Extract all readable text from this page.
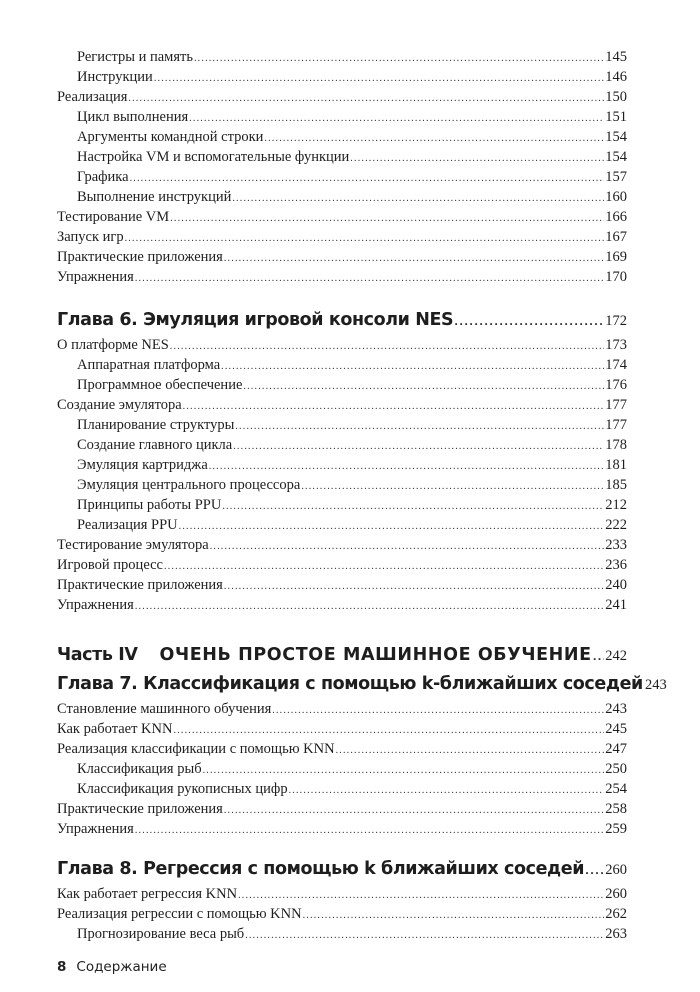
Регистры и память .....	145
Инструкции .....	146
Реализация .....	150
Цикл выполнения .....	151
Аргументы командной строки .....	154
Настройка VM и вспомогательные функции .....	154
Графика .....	157
Выполнение инструкций .....	160
Тестирование VM .....	166
Запуск игр .....	167
Практические приложения .....	169
Упражнения .....	170
Глава 6. Эмуляция игровой консоли NES .....	172
О платформе NES .....	173
Аппаратная платформа .....	174
Программное обеспечение .....	176
Создание эмулятора .....	177
Планирование структуры .....	177
Создание главного цикла .....	178
Эмуляция картриджа .....	181
Эмуляция центрального процессора .....	185
Принципы работы PPU .....	212
Реализация PPU .....	222
Тестирование эмулятора .....	233
Игровой процесс .....	236
Практические приложения .....	240
Упражнения .....	241
Часть IV ОЧЕНЬ ПРОСТОЕ МАШИННОЕ ОБУЧЕНИЕ ..... 242
Глава 7. Классификация с помощью k-ближайших соседей 243
Становление машинного обучения .....	243
Как работает KNN .....	245
Реализация классификации с помощью KNN .....	247
Классификация рыб .....	250
Классификация рукописных цифр .....	254
Практические приложения .....	258
Упражнения .....	259
Глава 8. Регрессия с помощью k ближайших соседей ..... 260
Как работает регрессия KNN .....	260
Реализация регрессии с помощью KNN .....	262
Прогнозирование веса рыб .....	263
8 Содержание
